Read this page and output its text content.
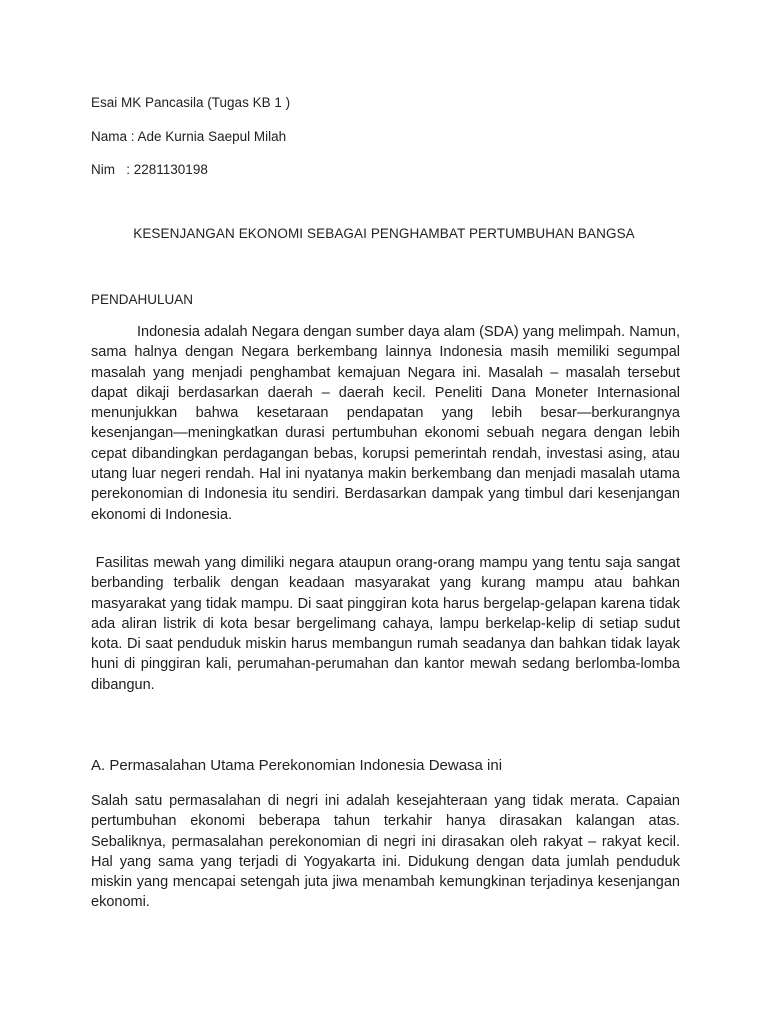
Esai MK Pancasila (Tugas KB 1 )
Nama : Ade Kurnia Saepul Milah
Nim   : 2281130198
KESENJANGAN EKONOMI SEBAGAI PENGHAMBAT PERTUMBUHAN BANGSA
PENDAHULUAN
Indonesia adalah Negara dengan sumber daya alam (SDA) yang melimpah. Namun, sama halnya dengan Negara berkembang lainnya Indonesia masih memiliki segumpal masalah yang menjadi penghambat kemajuan Negara ini. Masalah – masalah tersebut dapat dikaji berdasarkan daerah – daerah kecil. Peneliti Dana Moneter Internasional menunjukkan bahwa kesetaraan pendapatan yang lebih besar—berkurangnya kesenjangan—meningkatkan durasi pertumbuhan ekonomi sebuah negara dengan lebih cepat dibandingkan perdagangan bebas, korupsi pemerintah rendah, investasi asing, atau utang luar negeri rendah. Hal ini nyatanya makin berkembang dan menjadi masalah utama perekonomian di Indonesia itu sendiri. Berdasarkan dampak yang timbul dari kesenjangan ekonomi di Indonesia.
Fasilitas mewah yang dimiliki negara ataupun orang-orang mampu yang tentu saja sangat berbanding terbalik dengan keadaan masyarakat yang kurang mampu atau bahkan masyarakat yang tidak mampu. Di saat pinggiran kota harus bergelap-gelapan karena tidak ada aliran listrik di kota besar bergelimang cahaya, lampu berkelap-kelip di setiap sudut kota. Di saat penduduk miskin harus membangun rumah seadanya dan bahkan tidak layak huni di pinggiran kali, perumahan-perumahan dan kantor mewah sedang berlomba-lomba dibangun.
A. Permasalahan Utama Perekonomian Indonesia Dewasa ini
Salah satu permasalahan di negri ini adalah kesejahteraan yang tidak merata. Capaian pertumbuhan ekonomi beberapa tahun terkahir hanya dirasakan kalangan atas. Sebaliknya, permasalahan perekonomian di negri ini dirasakan oleh rakyat – rakyat kecil. Hal yang sama yang terjadi di Yogyakarta ini. Didukung dengan data jumlah penduduk miskin yang mencapai setengah juta jiwa menambah kemungkinan terjadinya kesenjangan ekonomi.
